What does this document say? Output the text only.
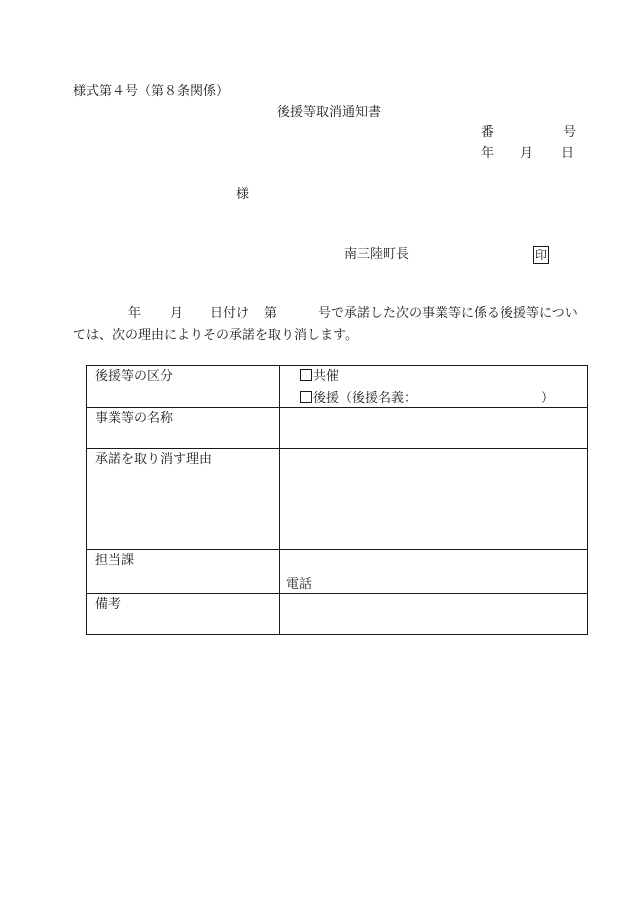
様式第４号（第８条関係）
後援等取消通知書
番	号
年 月 日
様
南三陸町長	印
年 月 日付け 第	号で承諾した次の事業等に係る後援等につい
ては、次の理由によりその承諾を取り消します。
後援等の区分	共催
後援（後援名義： ）

事業等の名称	
承諾を取り消す理由	
担当課	電話

備考	
